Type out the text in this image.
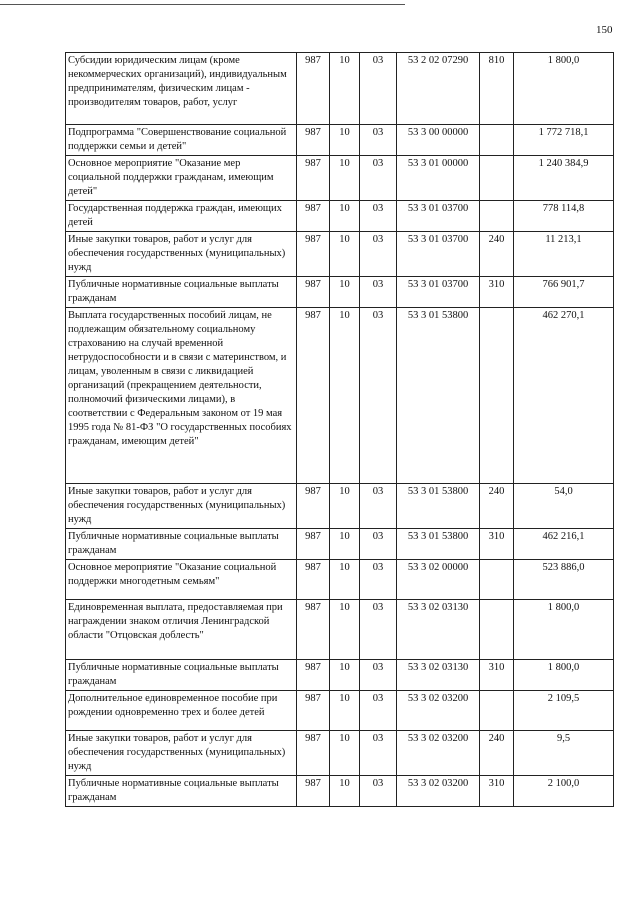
150
Субсидии юридическим лицам (кроме некоммерческих организаций), индивидуальным предпринимателям, физическим лицам - производителям товаров, работ, услуг	987	10	03	53 2 02 07290	810	1 800,0
Подпрограмма "Совершенствование социальной поддержки семьи и детей"	987	10	03	53 3 00 00000		1 772 718,1
Основное мероприятие "Оказание мер социальной поддержки гражданам, имеющим детей"	987	10	03	53 3 01 00000		1 240 384,9
Государственная поддержка граждан, имеющих детей	987	10	03	53 3 01 03700		778 114,8
Иные закупки товаров, работ и услуг для обеспечения государственных (муниципальных) нужд	987	10	03	53 3 01 03700	240	11 213,1
Публичные нормативные социальные выплаты гражданам	987	10	03	53 3 01 03700	310	766 901,7
Выплата государственных пособий лицам, не подлежащим обязательному социальному страхованию на случай временной нетрудоспособности и в связи с материнством, и лицам, уволенным в связи с ликвидацией организаций (прекращением деятельности, полномочий физическими лицами), в соответствии с Федеральным законом от 19 мая 1995 года № 81-ФЗ "О государственных пособиях гражданам, имеющим детей"	987	10	03	53 3 01 53800		462 270,1
Иные закупки товаров, работ и услуг для обеспечения государственных (муниципальных) нужд	987	10	03	53 3 01 53800	240	54,0
Публичные нормативные социальные выплаты гражданам	987	10	03	53 3 01 53800	310	462 216,1
Основное мероприятие "Оказание социальной поддержки многодетным семьям"	987	10	03	53 3 02 00000		523 886,0
Единовременная выплата, предоставляемая при награждении знаком отличия Ленинградской области "Отцовская доблесть"	987	10	03	53 3 02 03130		1 800,0
Публичные нормативные социальные выплаты гражданам	987	10	03	53 3 02 03130	310	1 800,0
Дополнительное единовременное пособие при рождении одновременно трех и более детей	987	10	03	53 3 02 03200		2 109,5
Иные закупки товаров, работ и услуг для обеспечения государственных (муниципальных) нужд	987	10	03	53 3 02 03200	240	9,5
Публичные нормативные социальные выплаты гражданам	987	10	03	53 3 02 03200	310	2 100,0
